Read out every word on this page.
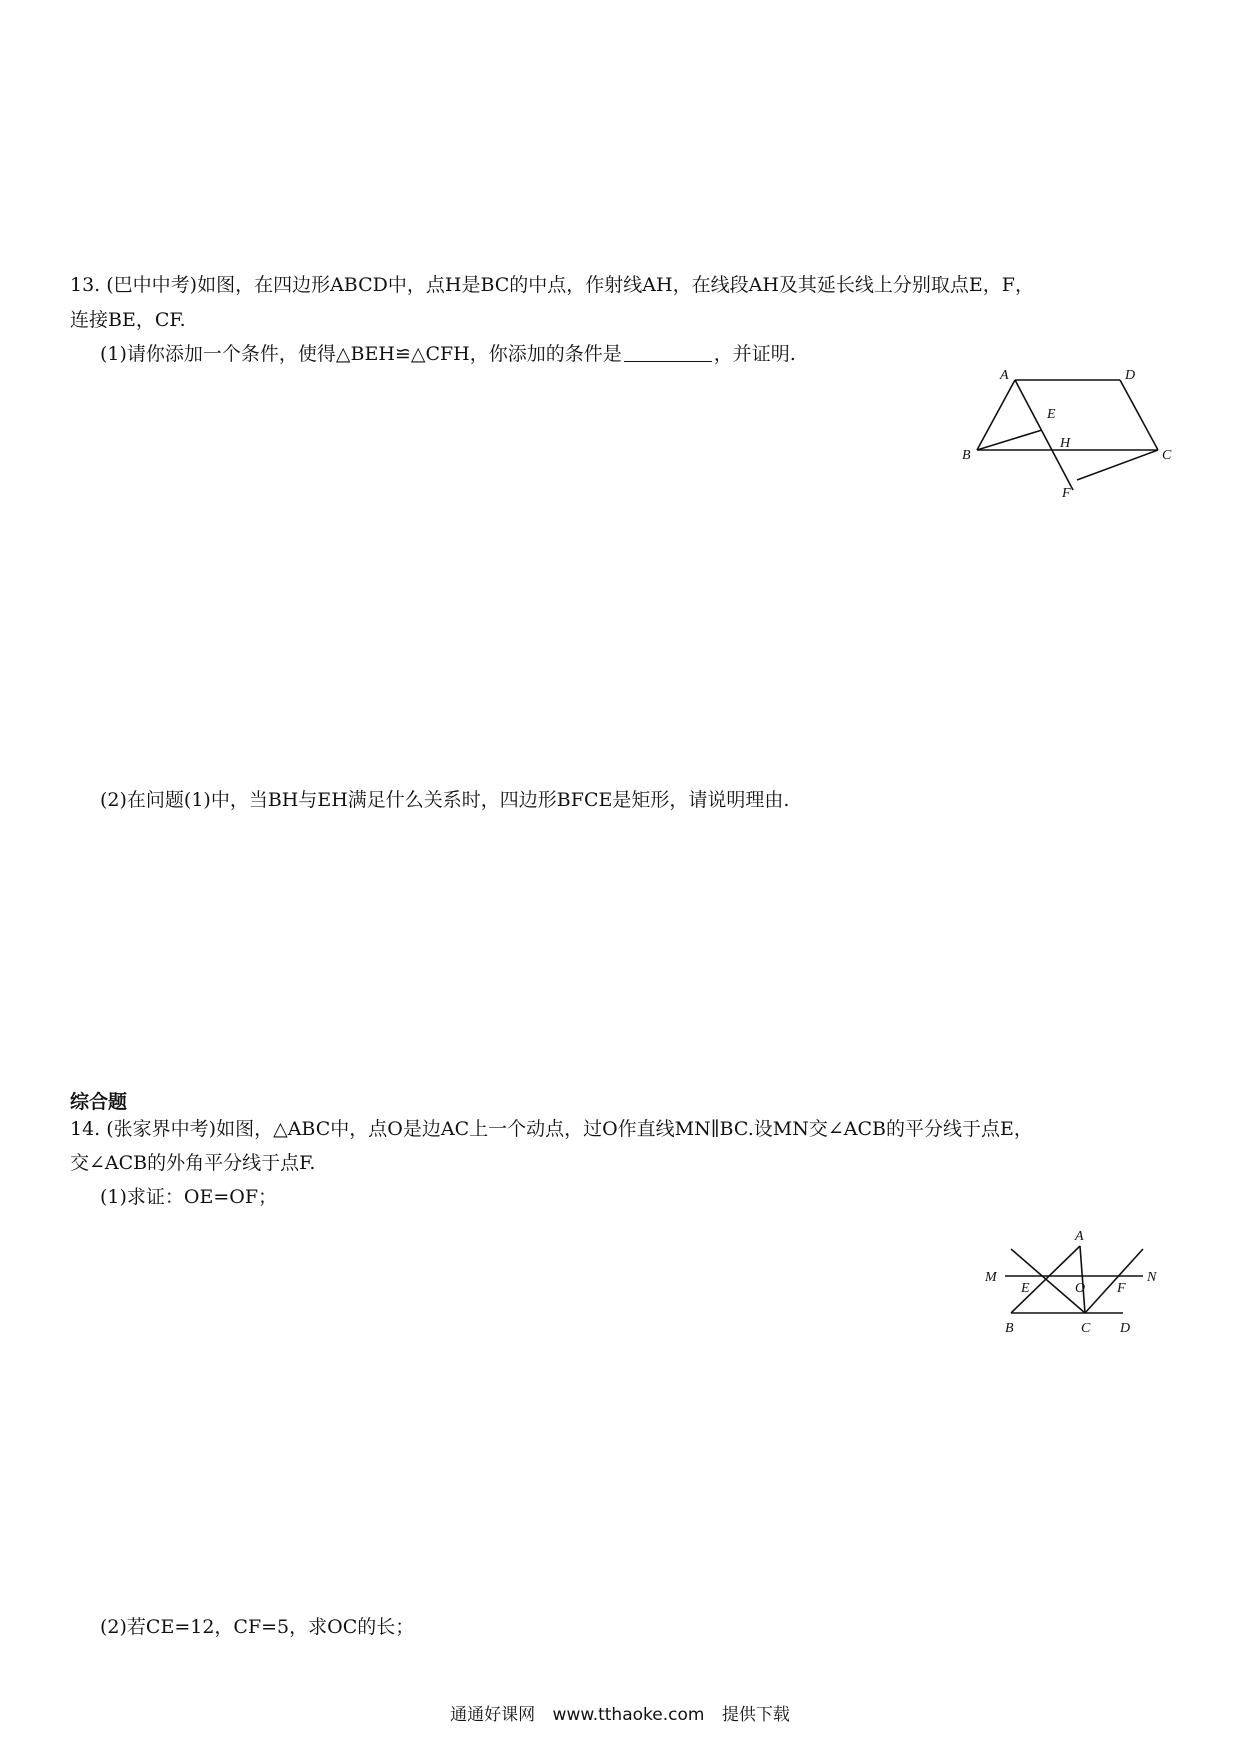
13. (巴中中考)如图，在四边形ABCD中，点H是BC的中点，作射线AH，在线段AH及其延长线上分别取点E，F，
连接BE，CF.
(1)请你添加一个条件，使得△BEH≌△CFH，你添加的条件是	，并证明.
A	D
E
H
B	C
F
(2)在问题(1)中，当BH与EH满足什么关系时，四边形BFCE是矩形，请说明理由.
综合题
14. (张家界中考)如图，△ABC中，点O是边AC上一个动点，过O作直线MN∥BC.设MN交∠ACB的平分线于点E，
交∠ACB的外角平分线于点F.
(1)求证：OE=OF；
A
M
E	O F
N
B	C D
(2)若CE=12，CF=5，求OC的长；
通通好课网 www.tthaoke.com 提供下载
